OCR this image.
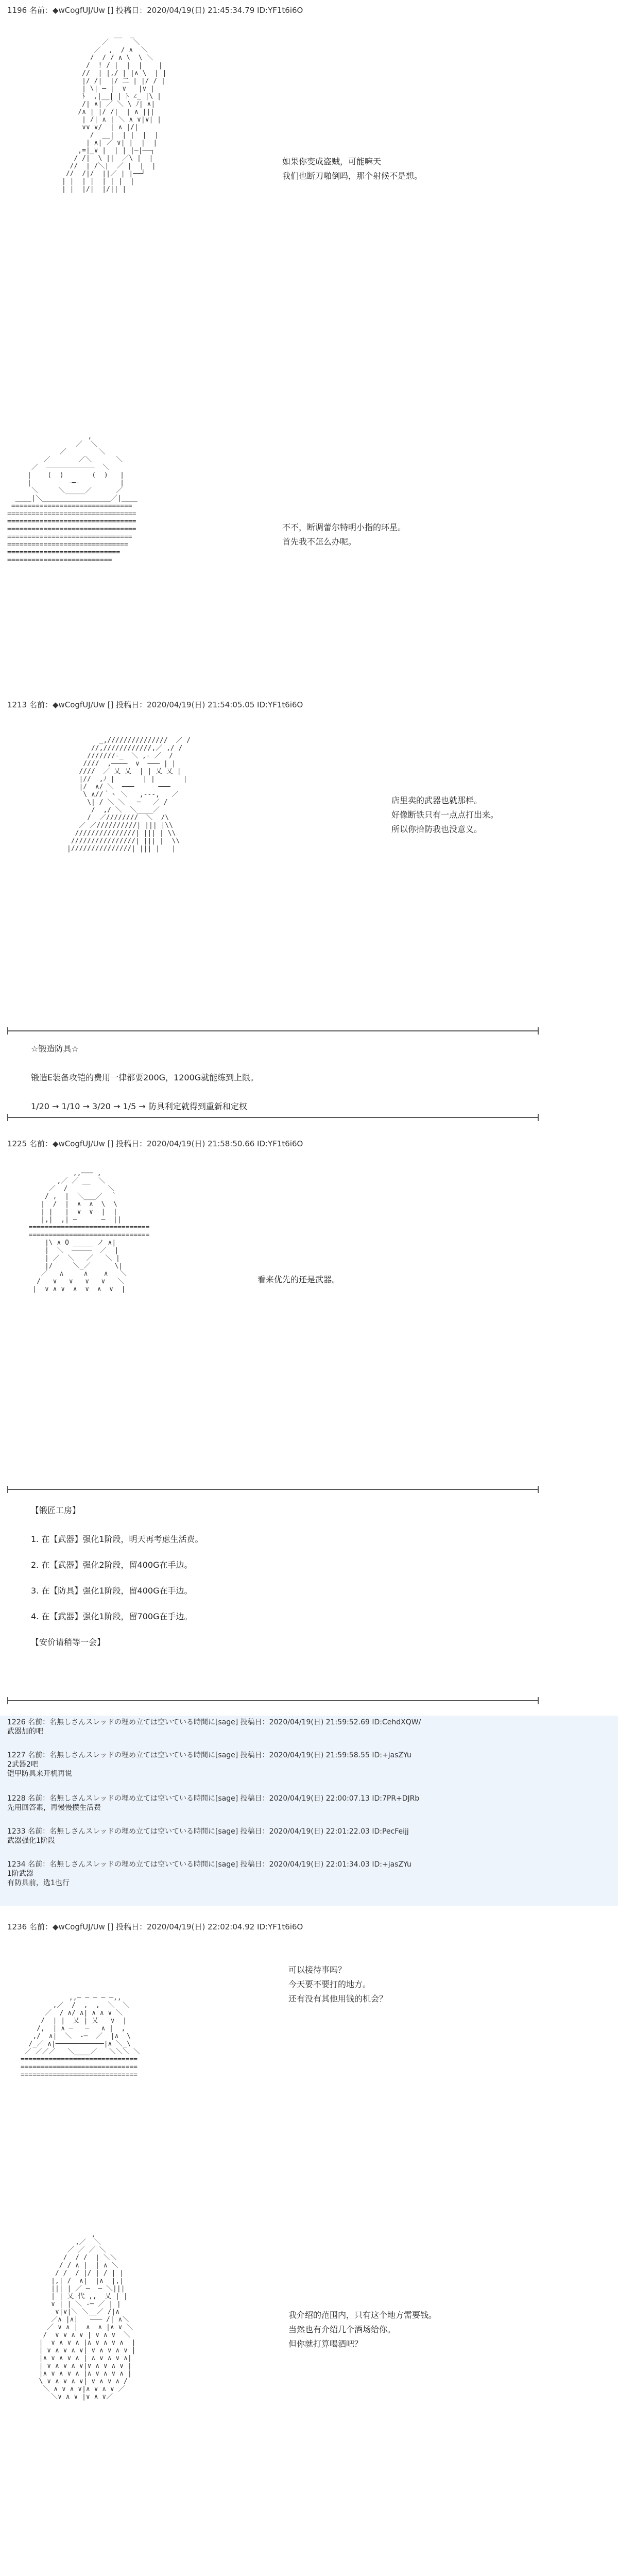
1196 名前：◆wCogfUJ/Uw [] 投稿日：2020/04/19(日) 21:45:34.79 ID:YF1t6i6O
__  _
／      ＼
／  ,  / ∧  ＼
/  / / ∧ \  \ ＼
/  ! / |  |  |    |
//  | |,/ | |∧ \  | |
|/ /|  |/ 二 | |/ / |
| \| ─ |  ∨   |∨ |
ﾄ  ,|__| | ﾄ ∠_ |\ |
/| ∧| ／ ＼ \ ﾉ| ∧|
/∧ | |/ /|  | ∧ |||
| /| ∧ | ＼ ∧ ∨|∨| |
∨∨ ∨/  | ∧ |/|
/  __|  | |  |  |
| ∧| ／ ∨| |  |  |
,=|_∨ |  | | |─|──┐
/ /|  \ ||  ／\ |  |
//  | /＼|  ／ |  |  |
//  /|/  ||／ | |──┘
| |  | |  | | |  |
| |  |/|  |/|| |
如果你变成盗贼，可能嘛天
我们也断刀啪倒吗，那个射候不是想。
,
／  ＼
／        ＼
／       ／＼      ＼
／  ────────────  ＼
|    (  )       (  )   |
|         ‐─‐          |
＼     ＼_____／      ／
____|＼_________________／|____
==============================
================================
================================
================================
===============================
==============================
============================
==========================
不不，断调蕾尔特明小指的环星。
首先我不怎么办呢。
1213 名前：◆wCogfUJ/Uw [] 投稿日：2020/04/19(日) 21:54:05.05 ID:YF1t6i6O
_,///////////////  ／ /
//,////////////,／ ,/ /
///////-_  ＼ ,‐ ／  /
////  ,────  ∨  ─── | |
////  ／ 乂 乂  | | 乂 乂 |
|//  ,ﾉ |       | |       |
|/  ∧/ ＼  ───      ───
\ ∧//｀ヽ ＼   ,-‐-,   ／
\| / ＼ ＼   ─   ／ /
/  ,/ ＼  ＼____／
/  ／////////  ＼  /\
／ ／//////////| ||| |\\
///////////////| ||| | \\
////////////////| ||| |  \\
|///////////////| ||| |   |
店里卖的武器也就那样。
好像断铁只有一点点打出来。
所以你拾防我也没意义。
☆锻造防具☆
锻造E装备攻铠的费用一律都要200G，1200G就能练到上限。
1/20 → 1/10 → 3/20 → 1/5 → 防具利定就得到重新和定权
1225 名前：◆wCogfUJ/Uw [] 投稿日：2020/04/19(日) 21:58:50.66 ID:YF1t6i6O
,,─── ,
,／ ／ __  ＼
／  /          ＼
/ ,  |  ＼___／  ｀
|  /  |  ∧  ∧  \  \
| |   |  ∨  ∨  |  |
|,|  ,| ─      ─  ||
==============================
==============================
|\ ∧ O _____ ノ ∧|
|  ＼  ─────  ／  |
| ／  ＼   ／   ＼ |
|/     ＼_／      \|
／   ∧     ∧    ∧   ＼
/   ∨   ∨   ∨   ∨   ＼
|  ∨ ∧ ∨  ∧  ∨  ∧  ∨  |
看来优先的还是武器。
【锻匠工房】
1. 在【武器】强化1阶段，明天再考虑生活费。
2. 在【武器】强化2阶段，留400G在手边。
3. 在【防具】强化1阶段，留400G在手边。
4. 在【武器】强化1阶段，留700G在手边。
【安价请稍等一会】
1226 名前：名無しさんスレッドの埋め立ては空いている時間に[sage] 投稿日：2020/04/19(日) 21:59:52.69 ID:CehdXQW/
武器加的吧
1227 名前：名無しさんスレッドの埋め立ては空いている時間に[sage] 投稿日：2020/04/19(日) 21:59:58.55 ID:+jasZYu
2武器2吧
铠甲防具来开机再说
1228 名前：名無しさんスレッドの埋め立ては空いている時間に[sage] 投稿日：2020/04/19(日) 22:00:07.13 ID:7PR+DJRb
先用回答素，再慢慢攒生活费
1233 名前：名無しさんスレッドの埋め立ては空いている時間に[sage] 投稿日：2020/04/19(日) 22:01:22.03 ID:PecFeijj
武器强化1阶段
1234 名前：名無しさんスレッドの埋め立ては空いている時間に[sage] 投稿日：2020/04/19(日) 22:01:34.03 ID:+jasZYu
1阶武器
有防具前，选1也行
1236 名前：◆wCogfUJ/Uw [] 投稿日：2020/04/19(日) 22:02:04.92 ID:YF1t6i6O
,,─ ─ ─ ─ ─,,
,／  /  ,  ,  ＼  ＼
／  / ∧/ ∧| ∧ ∧ ∨ ＼
/  | |  乂 | 乂   ∨  |
/,  | ∧ ─   ─   ∧ |  ,
,/  ∧|  ＼  ‐─  ／  |∧  \
/_／ ∧|────────────|∧ ＼_\
／ ／／／   ＼____／   ＼＼＼ ＼
=============================
=============================
=============================
可以接待事吗？
今天要不要打的地方。
还有没有其他用钱的机会？
,
,／  ＼
／ ／ ／ ＼
/  / /  | ＼＼
/ / ∧ |  | ∧ ＼
/ /  / |/ | / | |
|,| /  ∧|  |∧  |,|
||| | ／ ─  ─ ＼|||
| | 乂 代 ,,  乂 | |
∨ | | ＼ ‐─ ／ | |
∨|∨|＼ ＼__／ /|∧
／∧ |∧|   ─── /| ∧＼
／ ∨ ∧ |  ∧  ∧ |∧ ∨ ＼
/  ∨ ∨ ∧ ∨ | ∨ ∧ ∨  ＼
|  ∨ ∧ ∨ ∧ |∧ ∨ ∧ ∨ ∧  |
| ∨ ∧ ∨ ∧ ∨| ∨ ∧ ∨ ∧ ∨ |
|∧ ∨ ∧ ∨ ∧ | ∧ ∨ ∧ ∨ ∧|
| ∨ ∧ ∨ ∧ ∨|∨ ∧ ∨ ∧ ∨ |
|∧ ∨ ∧ ∨ ∧ |∧ ∨ ∧ ∨ ∧ |
\ ∨ ∧ ∨ ∧ ∨| ∨ ∧ ∨ ∧ /
＼ ∧ ∨ ∧ ∨|∧ ∨ ∧ ∨ ／
＼∨ ∧ ∨ |∨ ∧ ∨／
我介绍的范围内，只有这个地方需要钱。
当然也有介绍几个酒场给你。
但你就打算喝酒吧？
